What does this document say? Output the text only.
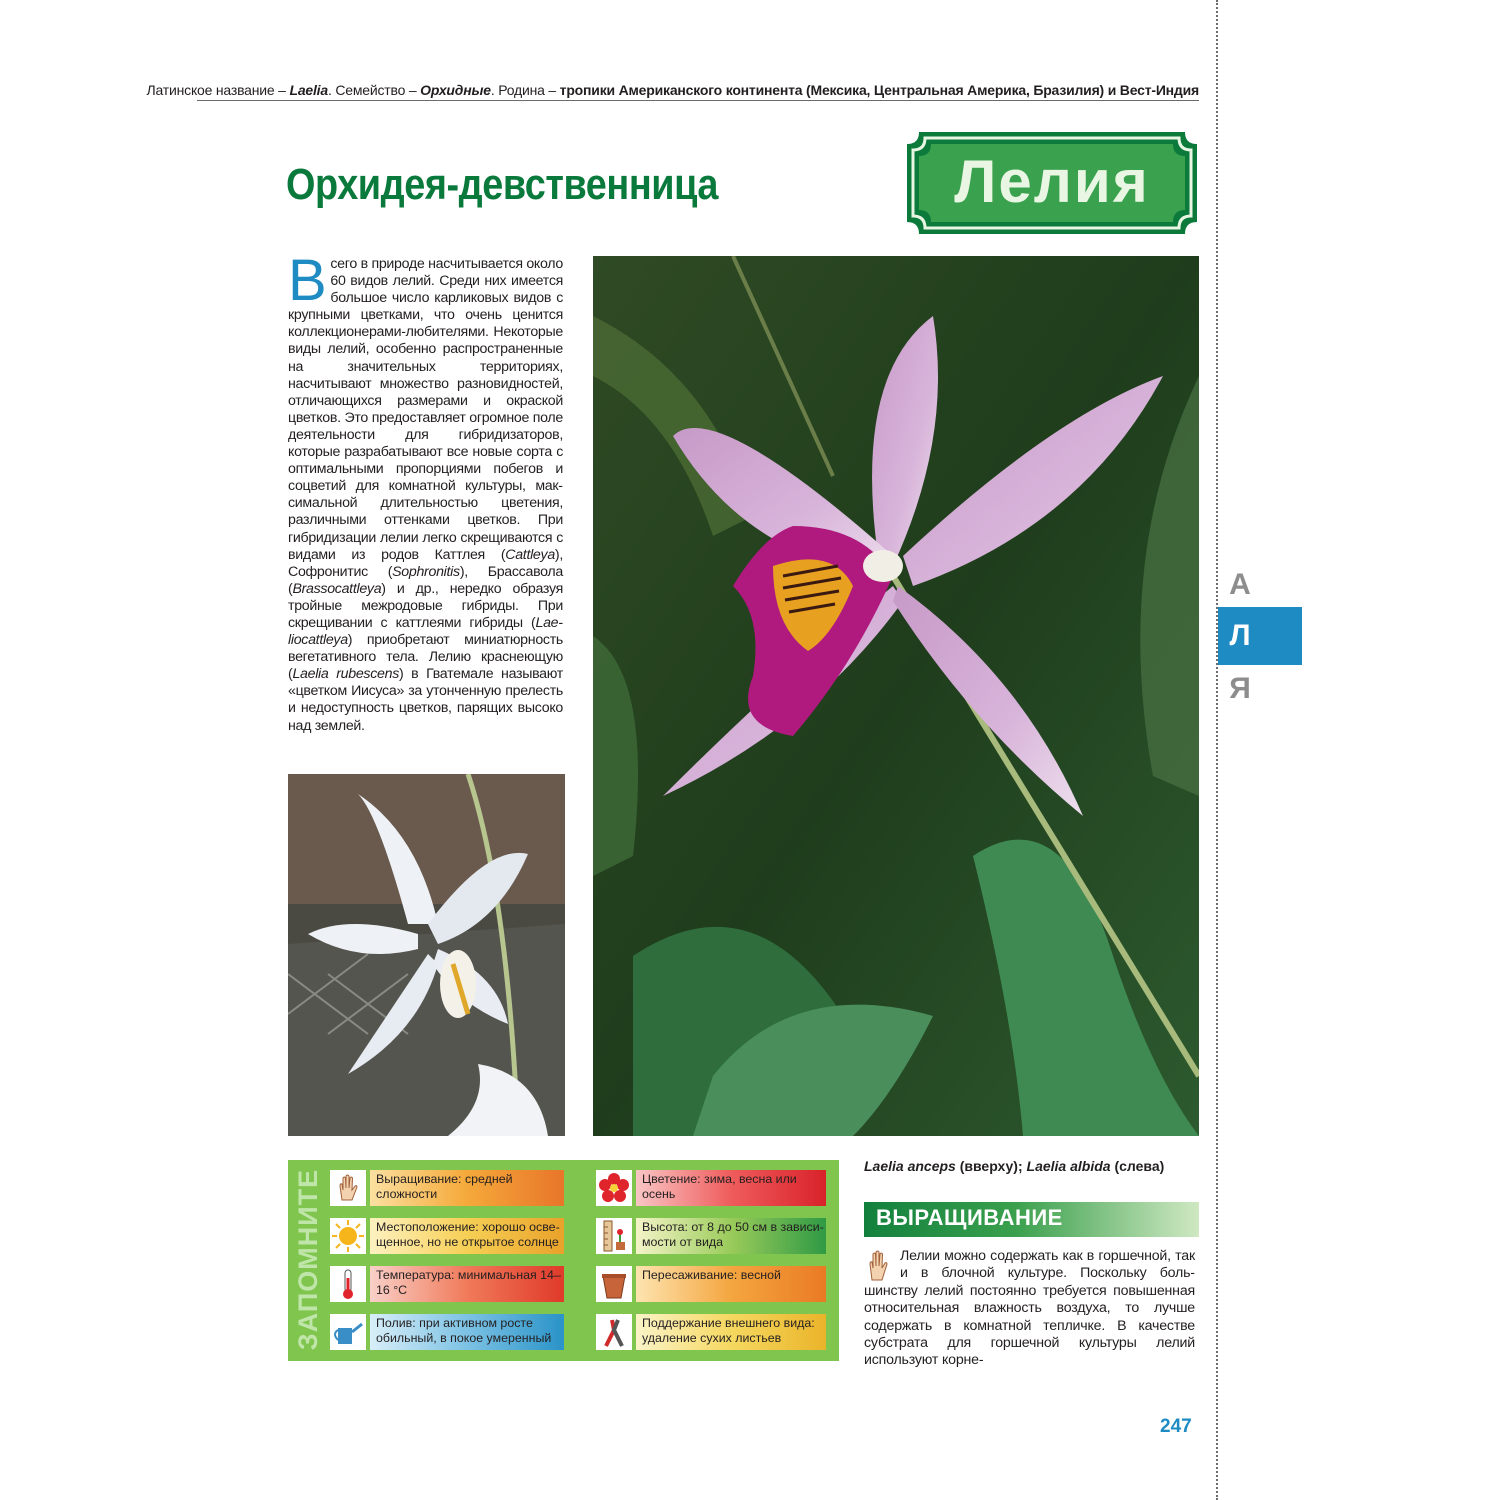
Латинское название – Laelia. Семейство – Орхидные. Родина – тропики Американского континента (Мексика, Центральная Америка, Бразилия) и Вест-Индия
Орхидея-девственница	Лелия
Всего в природе насчитывается около 60 видов лелий. Среди них имеется большое число карликовых видов с крупными цветками, что очень ценится коллекционерами-любителями. Некоторые виды лелий, особенно распространенные на значительных территориях, насчитывают множество разновидностей, отличающихся размерами и окраской цветков. Это предоставляет огромное поле деятельности для гибридизаторов, которые разрабатывают все новые сорта с оптимальными пропорциями побегов и соцветий для комнатной культуры, максимальной длительностью цветения, различными оттенками цветков. При гибридизации лелии легко скрещиваются с видами из родов Каттлея (Cattleya), Софронитис (Sophronitis), Брассавола (Brassocattleya) и др., нередко образуя тройные межродовые гибриды. При скрещивании с каттлеями гибриды (Laeliocattleya) приобретают миниатюрность вегетативного тела. Лелию краснеющую (Laelia rubescens) в Гватемале называют «цветком Иисуса» за утонченную прелесть и недоступность цветков, парящих высоко над землей.
А
Л
Я
Laelia anceps (вверху); Laelia albida (слева)
ЗАПОМНИТЕ	Выращивание: средней сложности
Цветение: зима, весна или осень
Местоположение: хорошо освещенное, но не открытое солнце
Высота: от 8 до 50 см в зависимости от вида
Температура: минимальная 14–16 °С
Пересаживание: весной
Полив: при активном росте обильный, в покое умеренный
Поддержание внешнего вида: удаление сухих листьев
ВЫРАЩИВАНИЕ
Лелии можно содержать как в горшечной, так и в блочной культуре. Поскольку большинству лелий постоянно требуется повышенная относительная влажность воздуха, то лучше содержать в комнатной тепличке. В качестве субстрата для горшечной культуры лелий используют корне-
247
